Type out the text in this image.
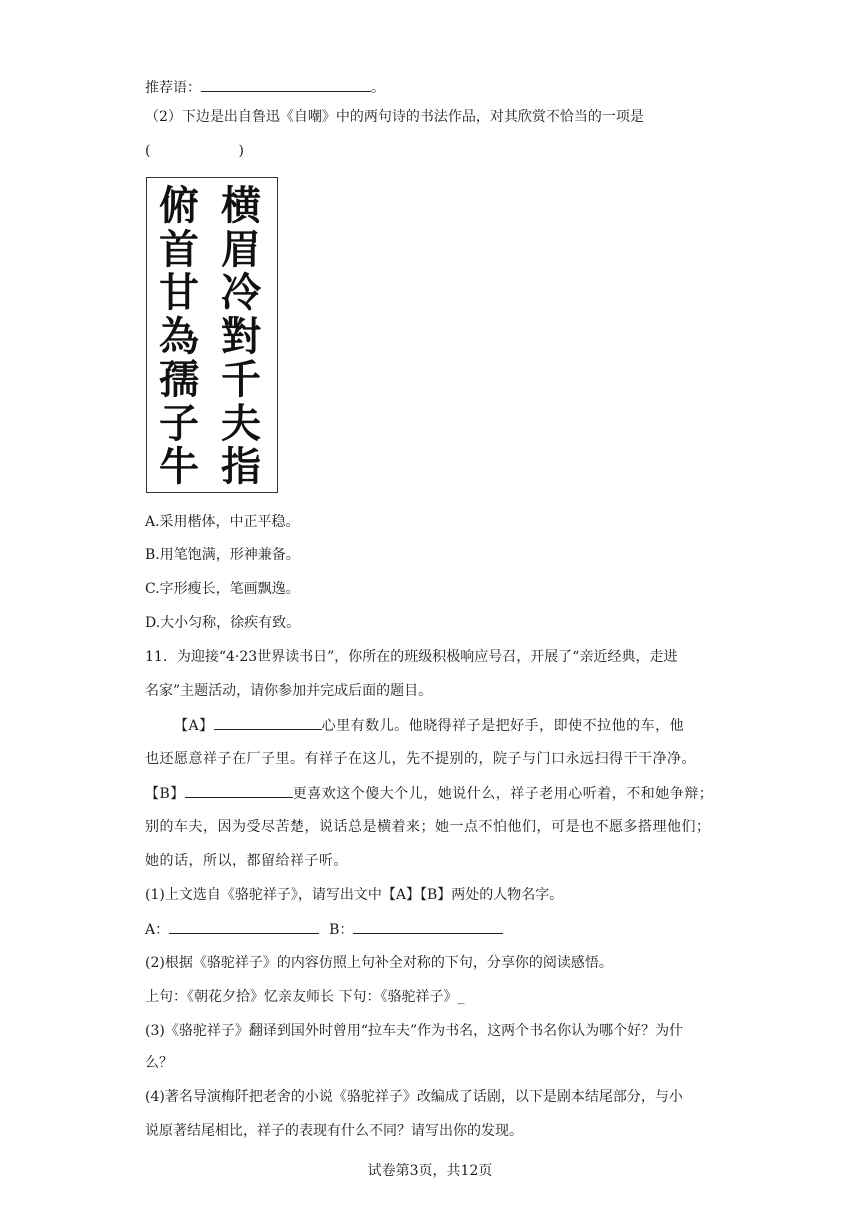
推荐语：	。
（2）下边是出自鲁迅《自嘲》中的两句诗的书法作品，对其欣赏不恰当的一项是
(	)
横
眉
冷
對
千
夫
指
俯
首
甘
為
孺
子
牛
A.采用楷体，中正平稳。
B.用笔饱满，形神兼备。
C.字形瘦长，笔画飘逸。
D.大小匀称，徐疾有致。
11．为迎接“4·23世界读书日”，你所在的班级积极响应号召，开展了“亲近经典，走进
名家”主题活动，请你参加并完成后面的题目。
【A】	心里有数儿。他晓得祥子是把好手，即使不拉他的车，他
也还愿意祥子在厂子里。有祥子在这儿，先不提别的，院子与门口永远扫得干干净净。
【B】	更喜欢这个傻大个儿，她说什么，祥子老用心听着，不和她争辩；
别的车夫，因为受尽苦楚，说话总是横着来；她一点不怕他们，可是也不愿多搭理他们；
她的话，所以，都留给祥子听。
(1)上文选自《骆驼祥子》，请写出文中【A】【B】两处的人物名字。
A：	B：
(2)根据《骆驼祥子》的内容仿照上句补全对称的下句，分享你的阅读感悟。
上句：《朝花夕拾》忆亲友师长 下句：《骆驼祥子》_
(3)《骆驼祥子》翻译到国外时曾用“拉车夫”作为书名，这两个书名你认为哪个好？为什
么？
(4)著名导演梅阡把老舍的小说《骆驼祥子》改编成了话剧，以下是剧本结尾部分，与小
说原著结尾相比，祥子的表现有什么不同？请写出你的发现。
试卷第3页，共12页
